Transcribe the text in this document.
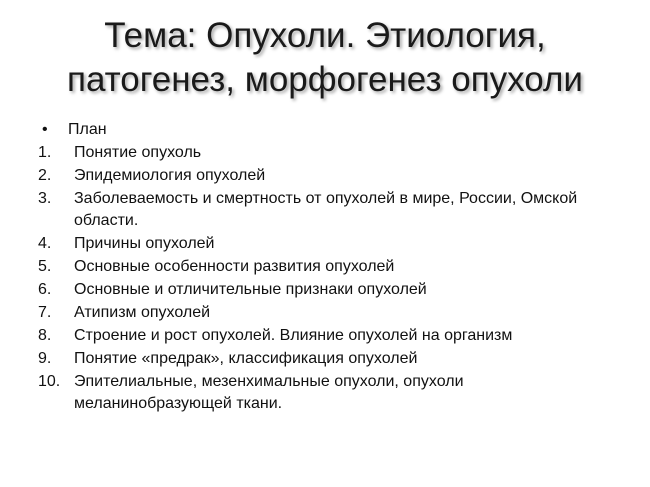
Тема: Опухоли. Этиология,
патогенез, морфогенез опухоли
•	План
1.	Понятие опухоль
2.	Эпидемиология опухолей
3.	Заболеваемость и смертность от опухолей в мире, России, Омской области.
4.	Причины опухолей
5.	Основные особенности развития опухолей
6.	Основные и отличительные признаки опухолей
7.	Атипизм опухолей
8.	Строение и рост опухолей. Влияние опухолей на организм
9.	Понятие «предрак», классификация опухолей
10. Эпителиальные, мезенхимальные опухоли, опухоли меланинобразующей ткани.
